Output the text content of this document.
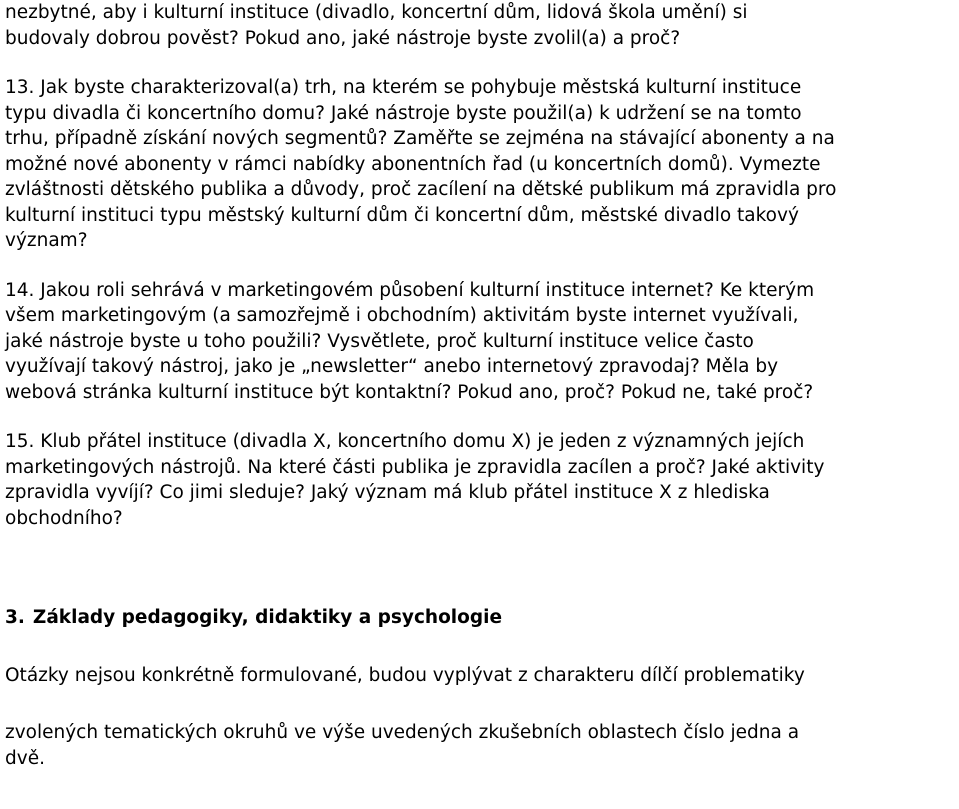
nezbytné, aby i kulturní instituce (divadlo, koncertní dům, lidová škola umění) si
budovaly dobrou pověst? Pokud ano, jaké nástroje byste zvolil(a) a proč?
13. Jak byste charakterizoval(a) trh, na kterém se pohybuje městská kulturní instituce
typu divadla či koncertního domu? Jaké nástroje byste použil(a) k udržení se na tomto
trhu, případně získání nových segmentů? Zaměřte se zejména na stávající abonenty a na
možné nové abonenty v rámci nabídky abonentních řad (u koncertních domů). Vymezte
zvláštnosti dětského publika a důvody, proč zacílení na dětské publikum má zpravidla pro
kulturní instituci typu městský kulturní dům či koncertní dům, městské divadlo takový
význam?
14. Jakou roli sehrává v marketingovém působení kulturní instituce internet? Ke kterým
všem marketingovým (a samozřejmě i obchodním) aktivitám byste internet využívali,
jaké nástroje byste u toho použili? Vysvětlete, proč kulturní instituce velice často
využívají takový nástroj, jako je „newsletter“ anebo internetový zpravodaj? Měla by
webová stránka kulturní instituce být kontaktní? Pokud ano, proč? Pokud ne, také proč?
15. Klub přátel instituce (divadla X, koncertního domu X) je jeden z významných jejích
marketingových nástrojů. Na které části publika je zpravidla zacílen a proč? Jaké aktivity
zpravidla vyvíjí? Co jimi sleduje? Jaký význam má klub přátel instituce X z hlediska
obchodního?
3. Základy pedagogiky, didaktiky a psychologie
Otázky nejsou konkrétně formulované, budou vyplývat z charakteru dílčí problematiky
zvolených tematických okruhů ve výše uvedených zkušebních oblastech číslo jedna a
dvě.
